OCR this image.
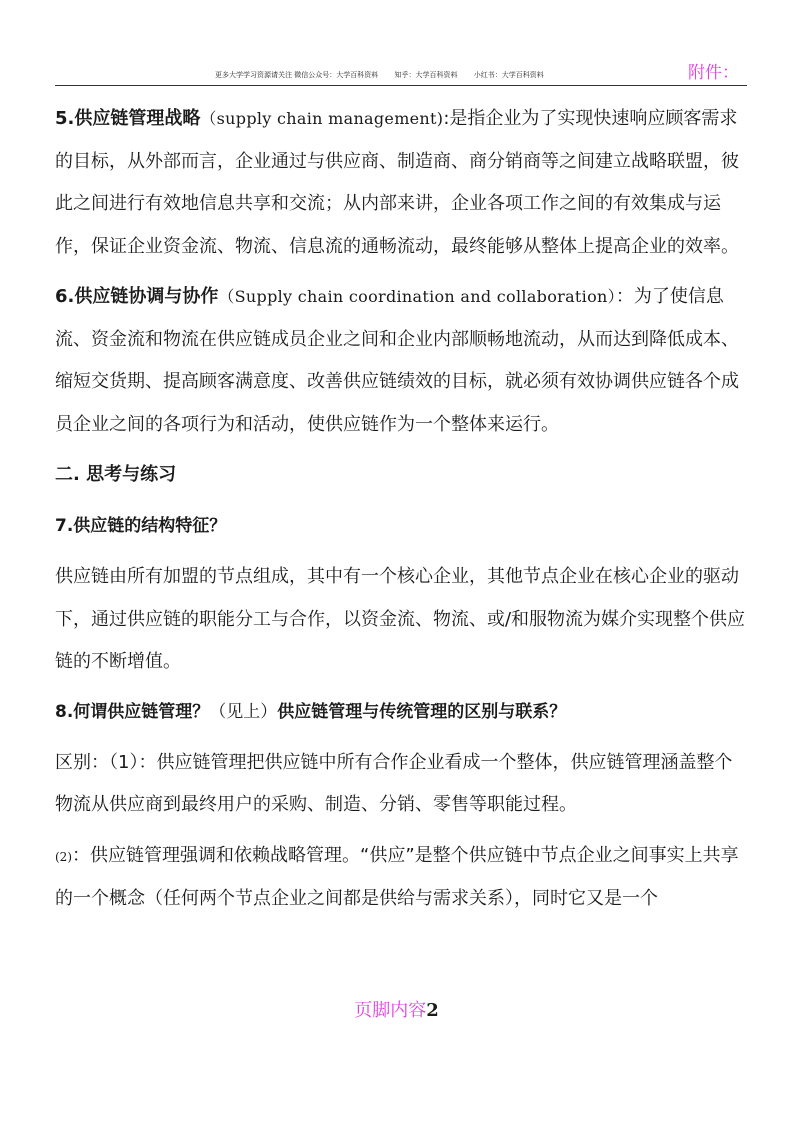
更多大学学习资源请关注 微信公众号：大学百科资料 知乎：大学百科资料 小红书：大学百科资料	附件：

5.供应链管理战略（supply chain management):是指企业为了实现快速响应顾客需求的目标，从外部而言，企业通过与供应商、制造商、商分销商等之间建立战略联盟，彼此之间进行有效地信息共享和交流；从内部来讲，企业各项工作之间的有效集成与运作，保证企业资金流、物流、信息流的通畅流动，最终能够从整体上提高企业的效率。

6.供应链协调与协作（Supply chain coordination and collaboration）：为了使信息流、资金流和物流在供应链成员企业之间和企业内部顺畅地流动，从而达到降低成本、缩短交货期、提高顾客满意度、改善供应链绩效的目标，就必须有效协调供应链各个成员企业之间的各项行为和活动，使供应链作为一个整体来运行。

二. 思考与练习
7.供应链的结构特征？

供应链由所有加盟的节点组成，其中有一个核心企业，其他节点企业在核心企业的驱动下，通过供应链的职能分工与合作，以资金流、物流、或/和服物流为媒介实现整个供应链的不断增值。

8.何谓供应链管理？（见上）供应链管理与传统管理的区别与联系？

区别：（1）：供应链管理把供应链中所有合作企业看成一个整体，供应链管理涵盖整个物流从供应商到最终用户的采购、制造、分销、零售等职能过程。

(2)：供应链管理强调和依赖战略管理。“供应”是整个供应链中节点企业之间事实上共享的一个概念（任何两个节点企业之间都是供给与需求关系），同时它又是一个

页脚内容2
